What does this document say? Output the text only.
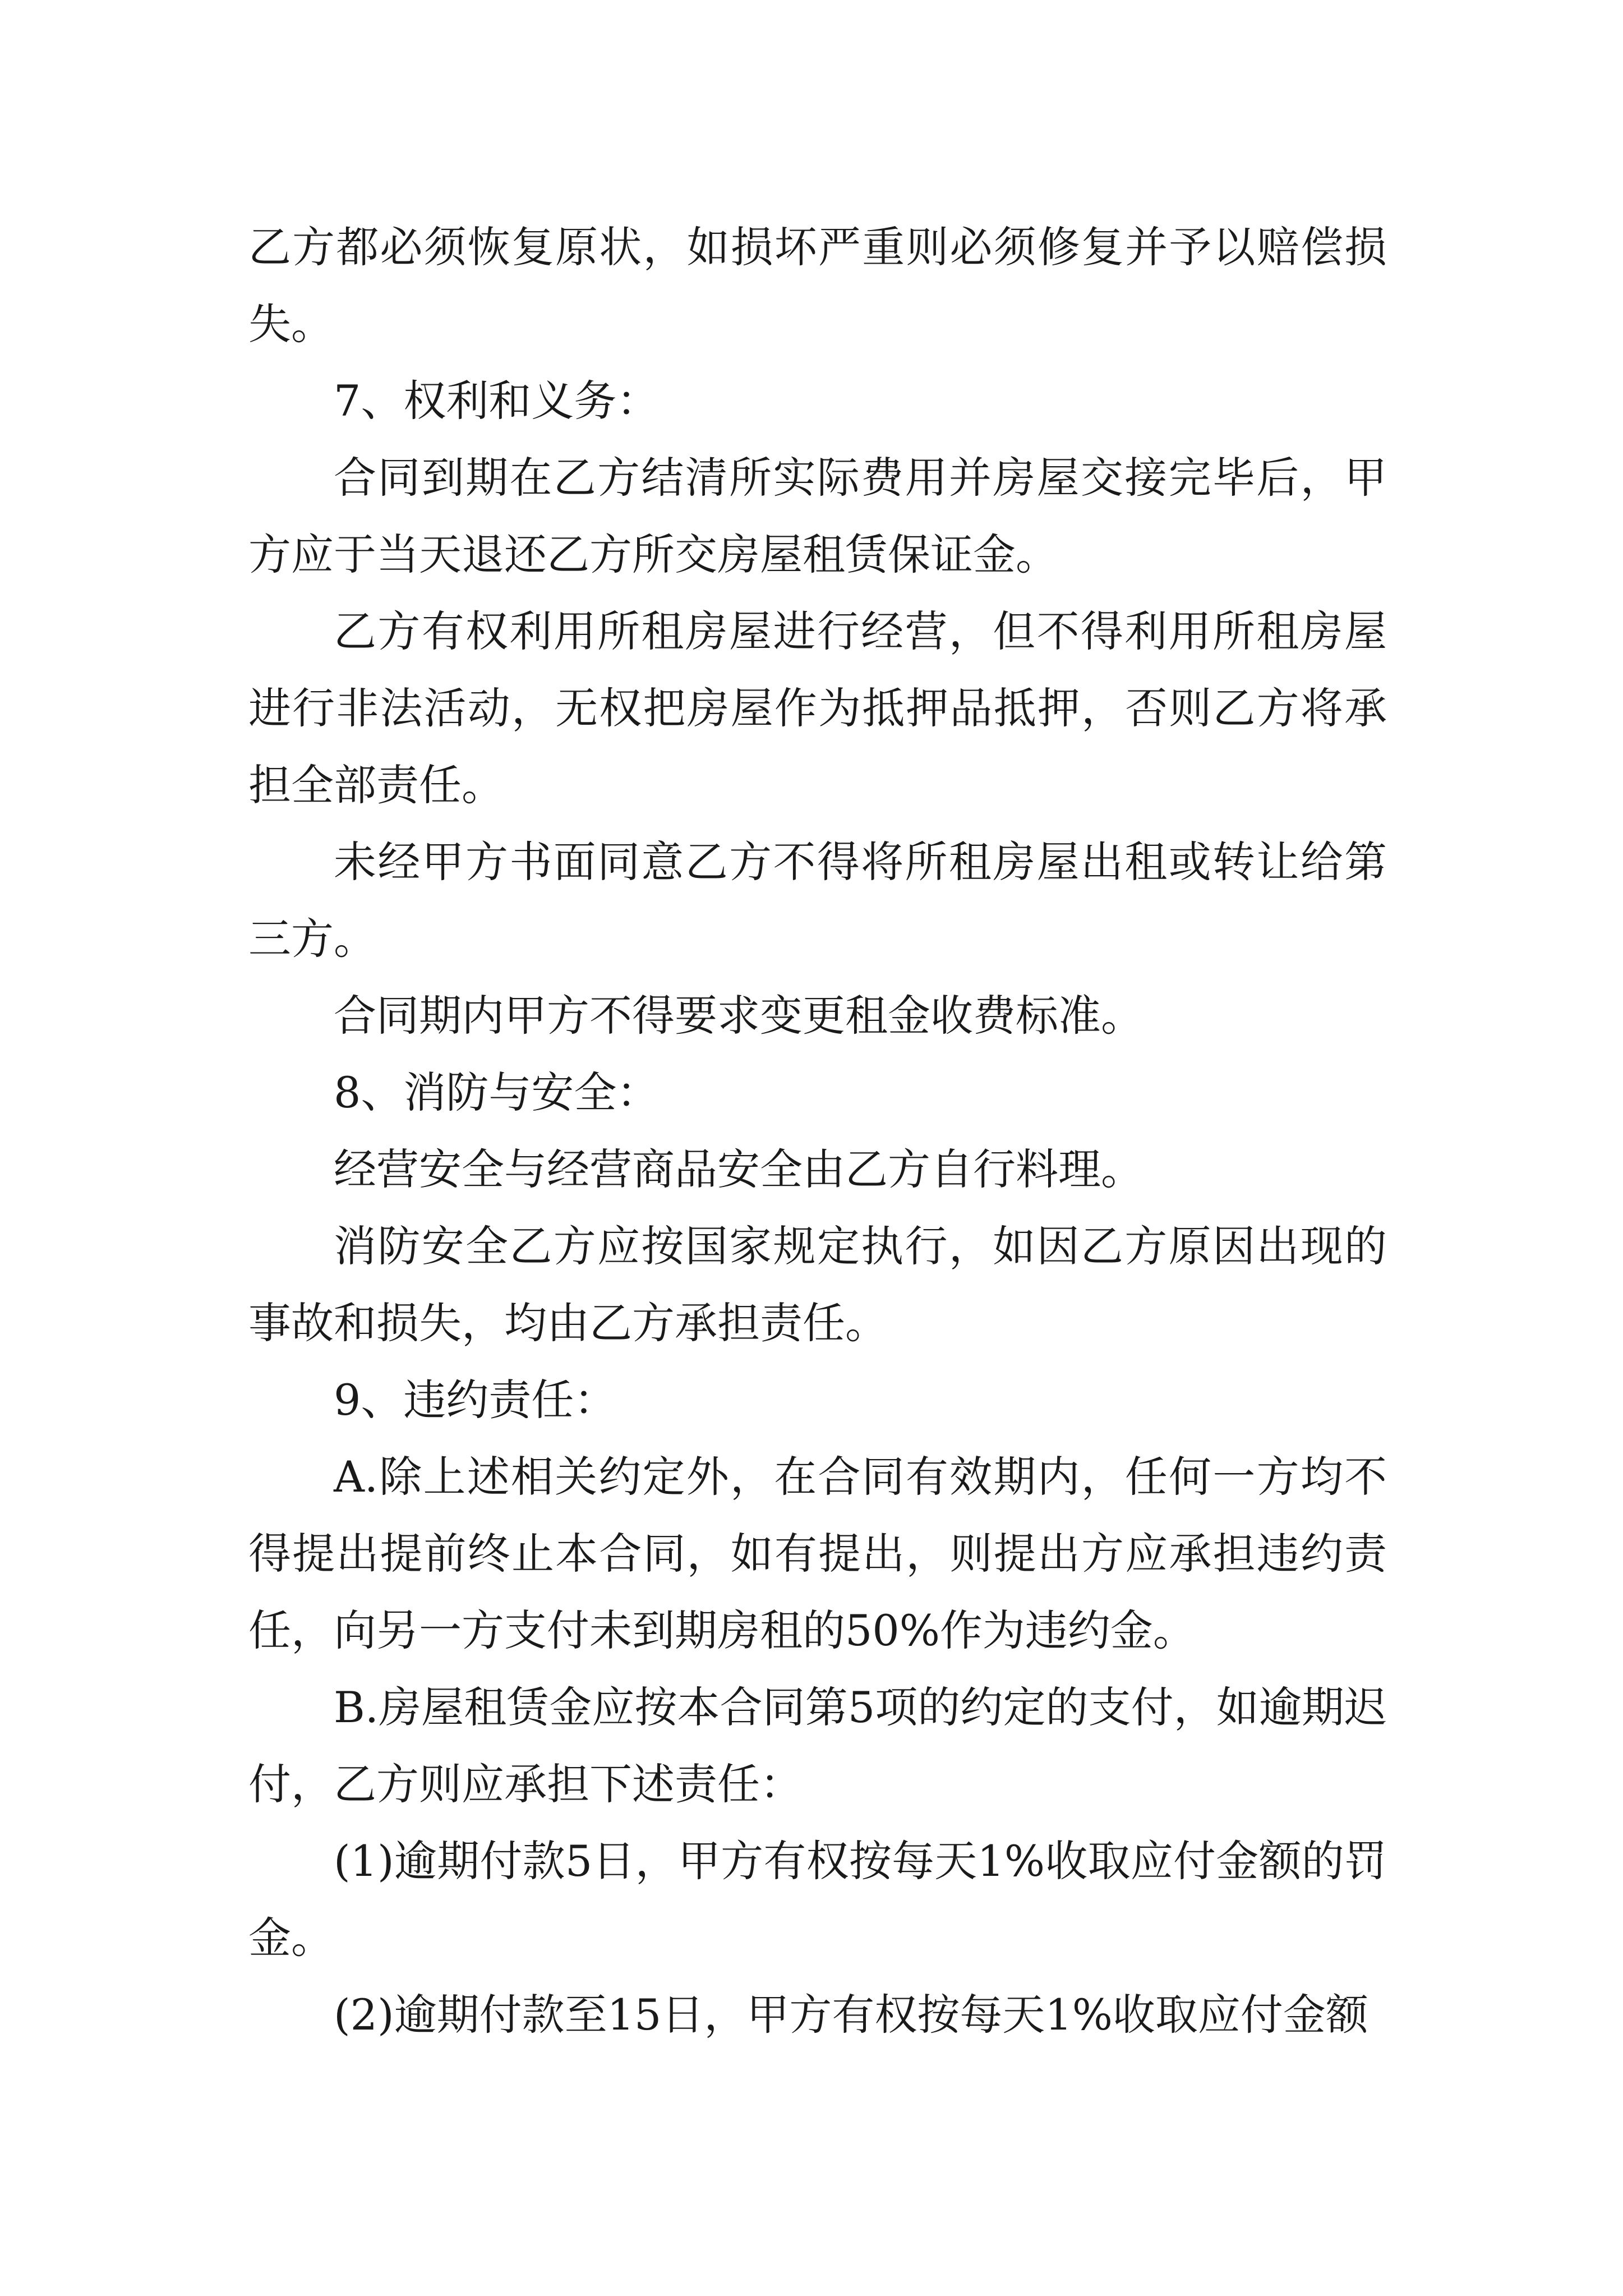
乙方都必须恢复原状，如损坏严重则必须修复并予以赔偿损失。

7、权利和义务：

合同到期在乙方结清所实际费用并房屋交接完毕后，甲方应于当天退还乙方所交房屋租赁保证金。

乙方有权利用所租房屋进行经营，但不得利用所租房屋进行非法活动，无权把房屋作为抵押品抵押，否则乙方将承担全部责任。

未经甲方书面同意乙方不得将所租房屋出租或转让给第三方。

合同期内甲方不得要求变更租金收费标准。

8、消防与安全：

经营安全与经营商品安全由乙方自行料理。

消防安全乙方应按国家规定执行，如因乙方原因出现的事故和损失，均由乙方承担责任。

9、违约责任：

A.除上述相关约定外，在合同有效期内，任何一方均不得提出提前终止本合同，如有提出，则提出方应承担违约责任，向另一方支付未到期房租的50%作为违约金。

B.房屋租赁金应按本合同第5项的约定的支付，如逾期迟付，乙方则应承担下述责任：

(1)逾期付款5日，甲方有权按每天1%收取应付金额的罚金。

(2)逾期付款至15日，甲方有权按每天1%收取应付金额
